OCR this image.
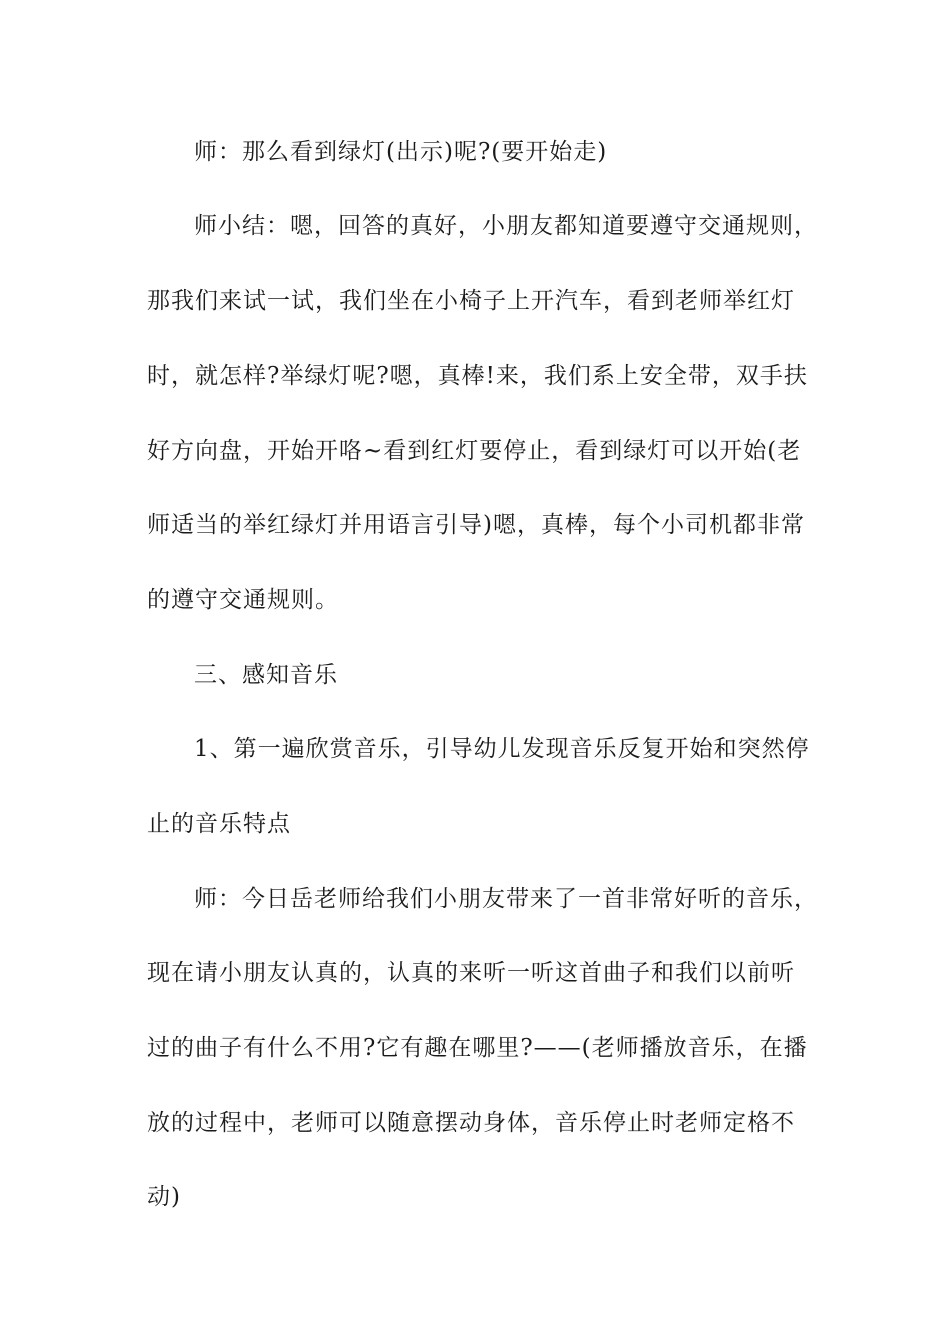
师：那么看到绿灯(出示)呢?(要开始走)
师小结：嗯，回答的真好，小朋友都知道要遵守交通规则，
那我们来试一试，我们坐在小椅子上开汽车，看到老师举红灯
时，就怎样?举绿灯呢?嗯，真棒!来，我们系上安全带，双手扶
好方向盘，开始开咯~看到红灯要停止，看到绿灯可以开始(老
师适当的举红绿灯并用语言引导)嗯，真棒，每个小司机都非常
的遵守交通规则。
三、感知音乐
1、第一遍欣赏音乐，引导幼儿发现音乐反复开始和突然停
止的音乐特点
师：今日岳老师给我们小朋友带来了一首非常好听的音乐，
现在请小朋友认真的，认真的来听一听这首曲子和我们以前听
过的曲子有什么不用?它有趣在哪里?——(老师播放音乐，在播
放的过程中，老师可以随意摆动身体，音乐停止时老师定格不
动)
